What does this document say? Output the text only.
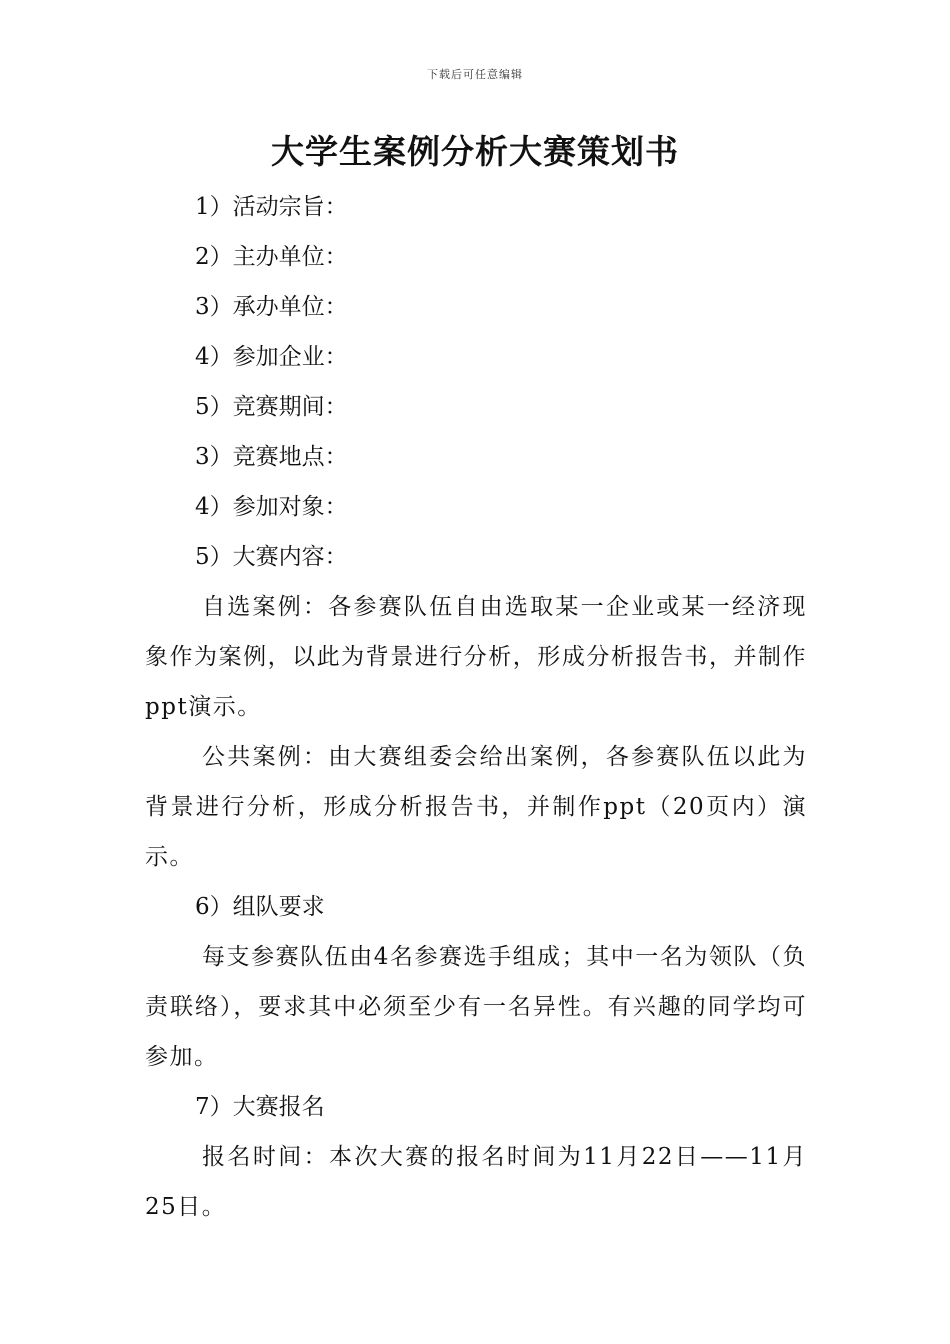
下载后可任意编辑
大学生案例分析大赛策划书

1）活动宗旨：

2）主办单位：

3）承办单位：

4）参加企业：

5）竞赛期间：

3）竞赛地点：

4）参加对象：

5）大赛内容：

自选案例：各参赛队伍自由选取某一企业或某一经济现象作为案例，以此为背景进行分析，形成分析报告书，并制作ppt演示。

公共案例：由大赛组委会给出案例，各参赛队伍以此为背景进行分析，形成分析报告书，并制作ppt（20页内）演示。

6）组队要求

每支参赛队伍由4名参赛选手组成；其中一名为领队（负责联络），要求其中必须至少有一名异性。有兴趣的同学均可参加。

7）大赛报名

报名时间：本次大赛的报名时间为11月22日——11月25日。
